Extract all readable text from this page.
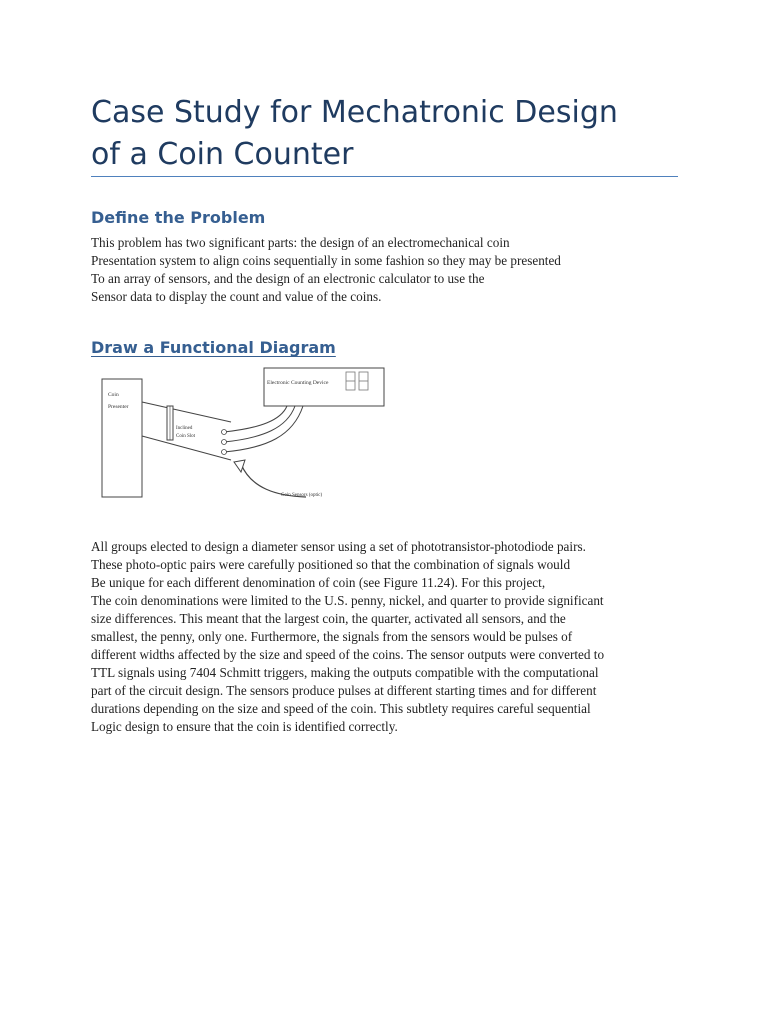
Case Study for Mechatronic Design
of a Coin Counter
Define the Problem
This problem has two significant parts: the design of an electromechanical coin
Presentation system to align coins sequentially in some fashion so they may be presented
To an array of sensors, and the design of an electronic calculator to use the
Sensor data to display the count and value of the coins.
Draw a Functional Diagram
Coin
Presenter
Inclined
Coin Slot
Electronic Counting Device
Coin Sensors (optic)
All groups elected to design a diameter sensor using a set of phototransistor-photodiode pairs.
These photo-optic pairs were carefully positioned so that the combination of signals would
Be unique for each different denomination of coin (see Figure 11.24). For this project,
The coin denominations were limited to the U.S. penny, nickel, and quarter to provide significant
size differences. This meant that the largest coin, the quarter, activated all sensors, and the
smallest, the penny, only one. Furthermore, the signals from the sensors would be pulses of
different widths affected by the size and speed of the coins. The sensor outputs were converted to
TTL signals using 7404 Schmitt triggers, making the outputs compatible with the computational
part of the circuit design. The sensors produce pulses at different starting times and for different
durations depending on the size and speed of the coin. This subtlety requires careful sequential
Logic design to ensure that the coin is identified correctly.
